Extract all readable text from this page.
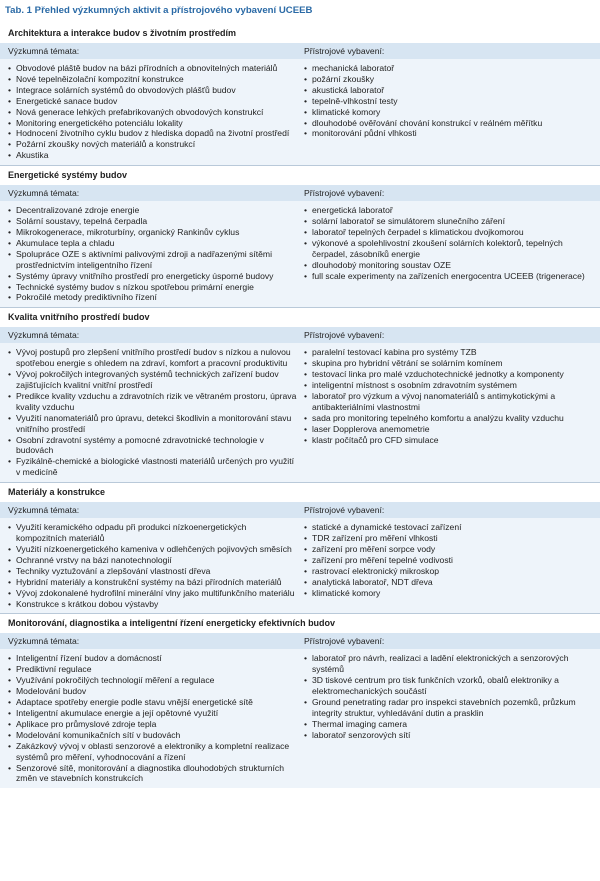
Tab. 1 Přehled výzkumných aktivit a přístrojového vybavení UCEEB
Architektura a interakce budov s životním prostředím
Výzkumná témata:	Přístrojové vybavení:
• Obvodové pláště budov na bázi přírodních a obnovitelných materiálů
• Nové tepelněizolační kompozitní konstrukce
• Integrace solárních systémů do obvodových plášťů budov
• Energetické sanace budov
• Nová generace lehkých prefabrikovaných obvodových konstrukcí
• Monitoring energetického potenciálu lokality
• Hodnocení životního cyklu budov z hlediska dopadů na životní prostředí
• Požární zkoušky nových materiálů a konstrukcí
• Akustika
• mechanická laboratoř
• požární zkoušky
• akustická laboratoř
• tepelně-vlhkostní testy
• klimatické komory
• dlouhodobé ověřování chování konstrukcí v reálném měřítku
• monitorování půdní vlhkosti
Energetické systémy budov
Výzkumná témata:	Přístrojové vybavení:
• Decentralizované zdroje energie
• Solární soustavy, tepelná čerpadla
• Mikrokogenerace, mikroturbíny, organický Rankinův cyklus
• Akumulace tepla a chladu
• Spolupráce OZE s aktivními palivovými zdroji a nadřazenými sítěmi prostřednictvím inteligentního řízení
• Systémy úpravy vnitřního prostředí pro energeticky úsporné budovy
• Technické systémy budov s nízkou spotřebou primární energie
• Pokročilé metody prediktivního řízení
• energetická laboratoř
• solární laboratoř se simulátorem slunečního záření
• laboratoř tepelných čerpadel s klimatickou dvojkomorou
• výkonové a spolehlivostní zkoušení solárních kolektorů, tepelných čerpadel, zásobníků energie
• dlouhodobý monitoring soustav OZE
• full scale experimenty na zařízeních energocentra UCEEB (trigenerace)
Kvalita vnitřního prostředí budov
Výzkumná témata:	Přístrojové vybavení:
• Vývoj postupů pro zlepšení vnitřního prostředí budov s nízkou a nulovou spotřebou energie s ohledem na zdraví, komfort a pracovní produktivitu
• Vývoj pokročilých integrovaných systémů technických zařízení budov zajišťujících kvalitní vnitřní prostředí
• Predikce kvality vzduchu a zdravotních rizik ve větraném prostoru, úprava kvality vzduchu
• Využití nanomateriálů pro úpravu, detekci škodlivin a monitorování stavu vnitřního prostředí
• Osobní zdravotní systémy a pomocné zdravotnické technologie v budovách
• Fyzikálně-chemické a biologické vlastnosti materiálů určených pro využití v medicíně
• paralelní testovací kabina pro systémy TZB
• skupina pro hybridní větrání se solárním komínem
• testovací linka pro malé vzduchotechnické jednotky a komponenty
• inteligentní místnost s osobním zdravotním systémem
• laboratoř pro výzkum a vývoj nanomateriálů s antimykotickými a antibakteriálními vlastnostmi
• sada pro monitoring tepelného komfortu a analýzu kvality vzduchu
• laser Dopplerova anemometrie
• klastr počítačů pro CFD simulace
Materiály a konstrukce
Výzkumná témata:	Přístrojové vybavení:
• Využití keramického odpadu při produkci nízkoenergetických kompozitních materiálů
• Využití nízkoenergetického kameniva v odlehčených pojivových směsích
• Ochranné vrstvy na bázi nanotechnologií
• Techniky vyztužování a zlepšování vlastností dřeva
• Hybridní materiály a konstrukční systémy na bázi přírodních materiálů
• Vývoj zdokonalené hydrofilní minerální vlny jako multifunkčního materiálu
• Konstrukce s krátkou dobou výstavby
• statické a dynamické testovací zařízení
• TDR zařízení pro měření vlhkosti
• zařízení pro měření sorpce vody
• zařízení pro měření tepelné vodivosti
• rastrovací elektronický mikroskop
• analytická laboratoř, NDT dřeva
• klimatické komory
Monitorování, diagnostika a inteligentní řízení energeticky efektivních budov
Výzkumná témata:	Přístrojové vybavení:
• Inteligentní řízení budov a domácností
• Prediktivní regulace
• Využívání pokročilých technologií měření a regulace
• Modelování budov
• Adaptace spotřeby energie podle stavu vnější energetické sítě
• Inteligentní akumulace energie a její opětovné využití
• Aplikace pro průmyslové zdroje tepla
• Modelování komunikačních sítí v budovách
• Zakázkový vývoj v oblasti senzorové a elektroniky a kompletní realizace systémů pro měření, vyhodnocování a řízení
• Senzorové sítě, monitorování a diagnostika dlouhodobých strukturních změn ve stavebních konstrukcích
• laboratoř pro návrh, realizaci a ladění elektronických a senzorových systémů
• 3D tiskové centrum pro tisk funkčních vzorků, obalů elektroniky a elektromechanických součástí
• Ground penetrating radar pro inspekci stavebních pozemků, průzkum integrity struktur, vyhledávání dutin a prasklin
• Thermal imaging camera
• laboratoř senzorových sítí
